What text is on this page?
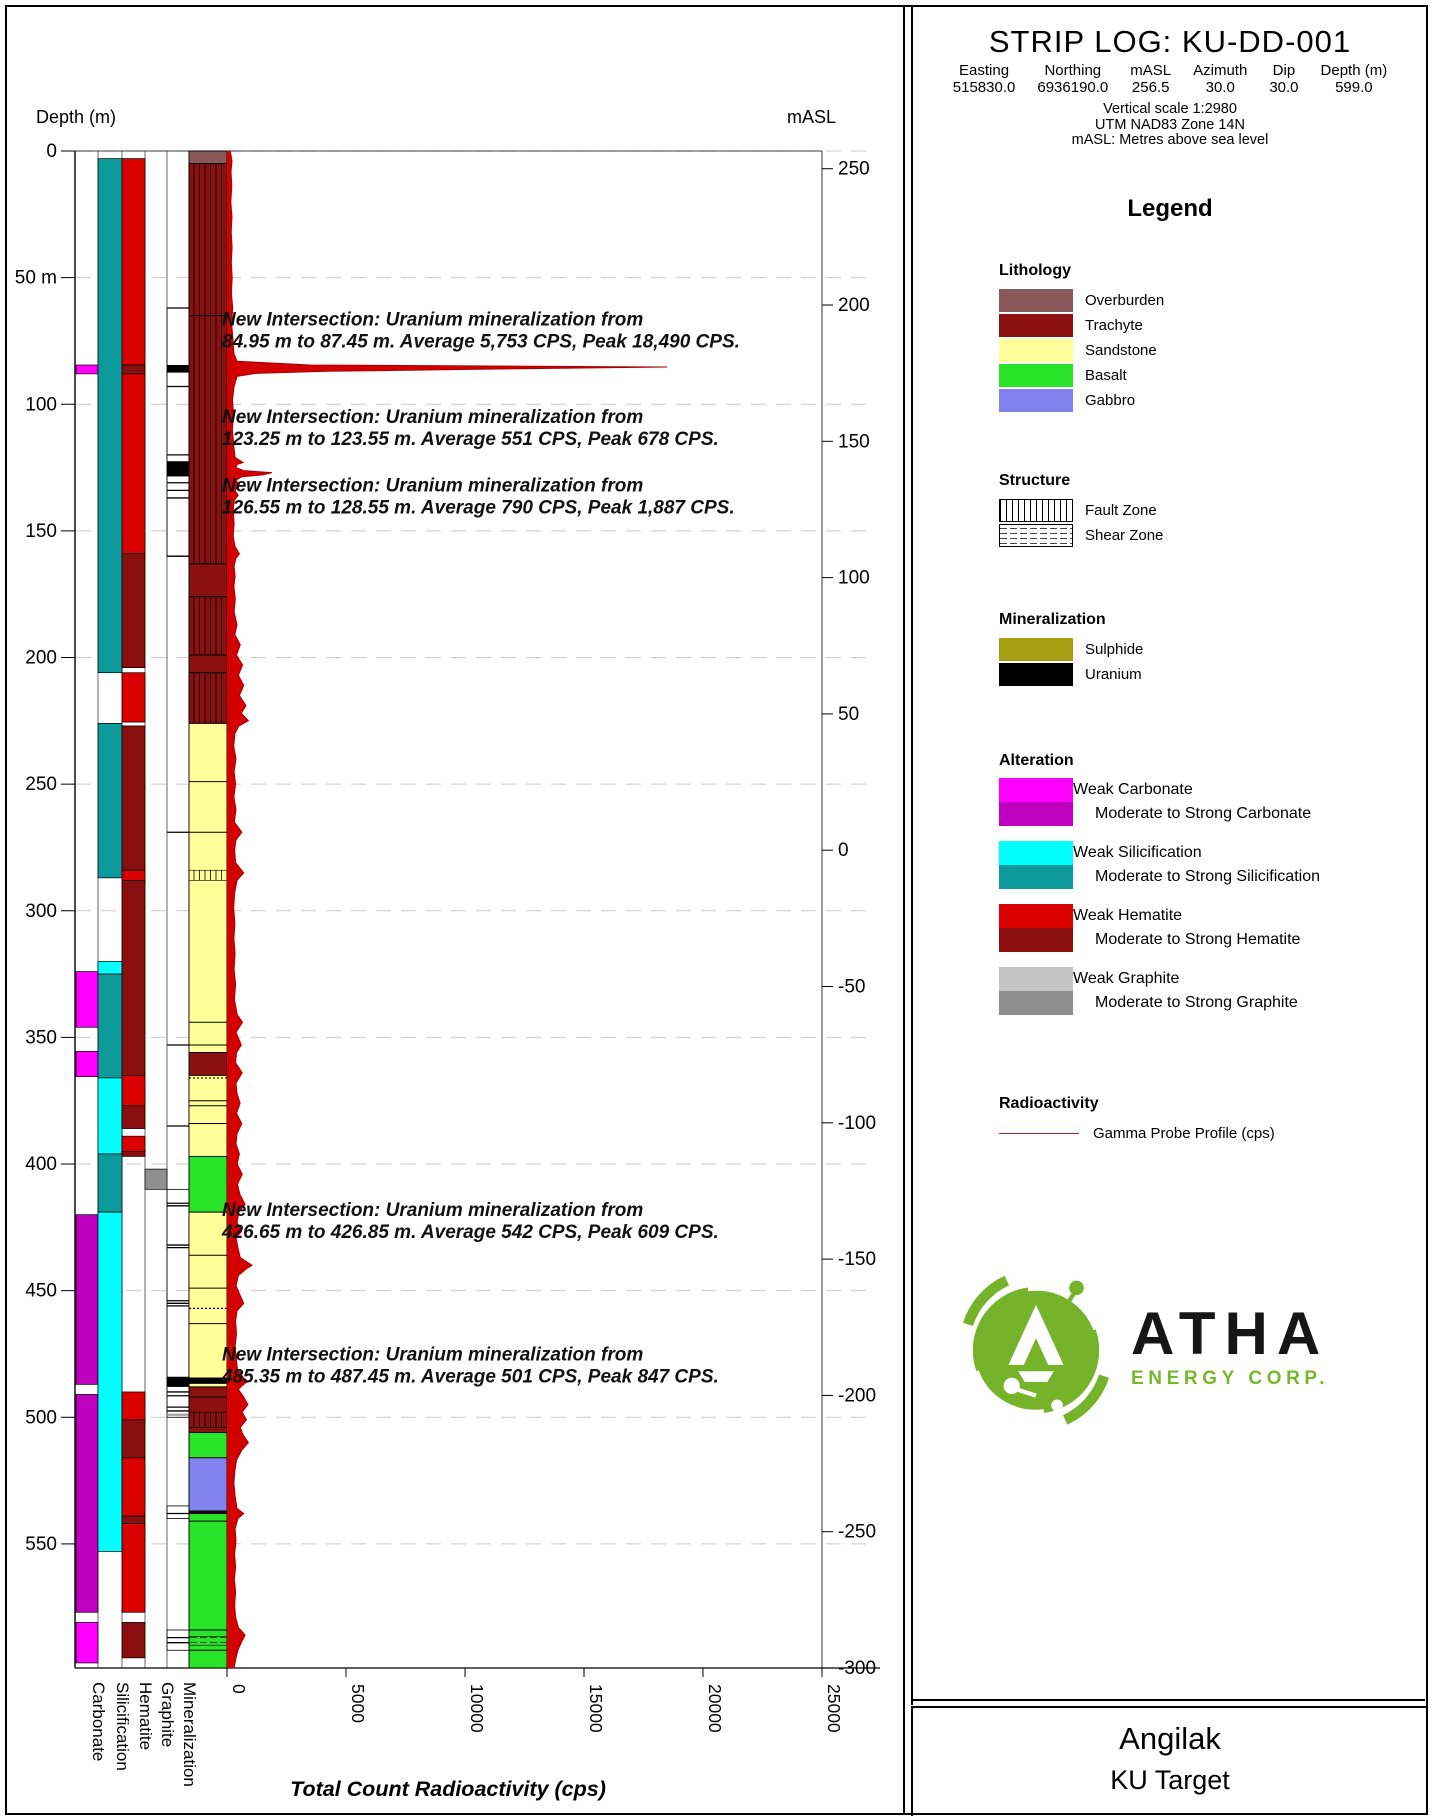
Depth (m)	mASL
0
50 m
100
150
200
250
300
350
400
450
500
550
250
200
150
100
50
0
-50
-100
-150
-200
-250
-300
0	5000	10000	15000	20000	25000
Carbonate Silicification Hematite Graphite Mineralization
New Intersection: Uranium mineralization from
84.95 m to 87.45 m. Average 5,753 CPS, Peak 18,490 CPS.
New Intersection: Uranium mineralization from
123.25 m to 123.55 m. Average 551 CPS, Peak 678 CPS.
New Intersection: Uranium mineralization from
126.55 m to 128.55 m. Average 790 CPS, Peak 1,887 CPS.
New Intersection: Uranium mineralization from
426.65 m to 426.85 m. Average 542 CPS, Peak 609 CPS.
New Intersection: Uranium mineralization from
485.35 m to 487.45 m. Average 501 CPS, Peak 847 CPS.
Total Count Radioactivity (cps)
STRIP LOG: KU-DD-001
Easting
515830.0
Northing
6936190.0
mASL
256.5
Azimuth
30.0
Dip
30.0
Depth (m)
599.0
Vertical scale 1:2980
UTM NAD83 Zone 14N
mASL: Metres above sea level
Legend
Lithology
Overburden
Trachyte
Sandstone
Basalt
Gabbro
Structure
Fault Zone
Shear Zone
Mineralization
Sulphide
Uranium
Alteration
Weak Carbonate
Moderate to Strong Carbonate
Weak Silicification
Moderate to Strong Silicification
Weak Hematite
Moderate to Strong Hematite
Weak Graphite
Moderate to Strong Graphite
Radioactivity
Gamma Probe Profile (cps)
ATHA
ENERGY CORP.
Angilak
KU Target
